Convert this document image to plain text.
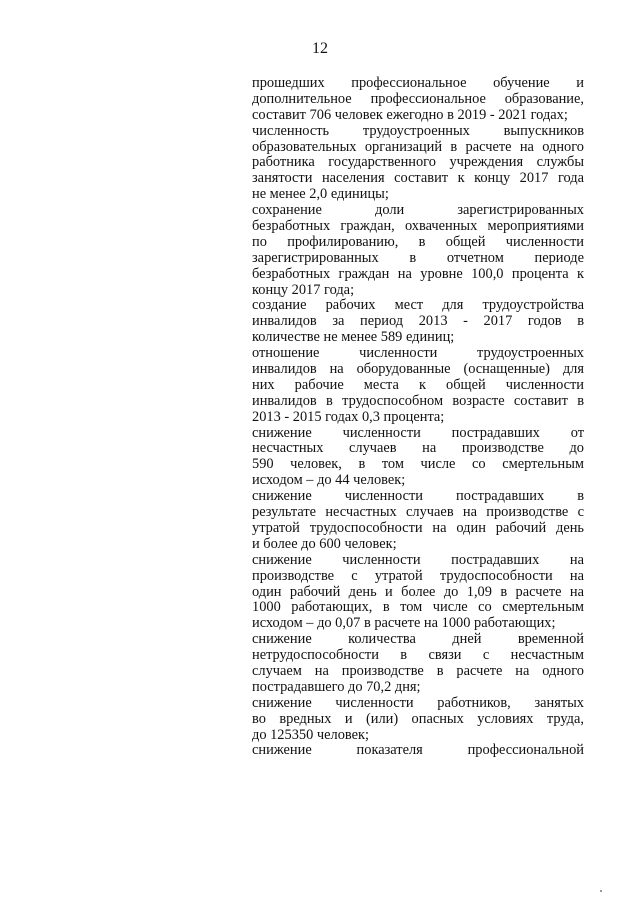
12
прошедших профессиональное обучение и
дополнительное профессиональное образование,
составит 706 человек ежегодно в 2019 - 2021 годах;
численность трудоустроенных выпускников
образовательных организаций в расчете на одного
работника государственного учреждения службы
занятости населения составит к концу 2017 года
не менее 2,0 единицы;
сохранение доли зарегистрированных
безработных граждан, охваченных мероприятиями
по профилированию, в общей численности
зарегистрированных в отчетном периоде
безработных граждан на уровне 100,0 процента к
концу 2017 года;
создание рабочих мест для трудоустройства
инвалидов за период 2013 - 2017 годов в
количестве не менее 589 единиц;
отношение численности трудоустроенных
инвалидов на оборудованные (оснащенные) для
них рабочие места к общей численности
инвалидов в трудоспособном возрасте составит в
2013 - 2015 годах 0,3 процента;
снижение численности пострадавших от
несчастных случаев на производстве до
590 человек, в том числе со смертельным
исходом – до 44 человек;
снижение численности пострадавших в
результате несчастных случаев на производстве с
утратой трудоспособности на один рабочий день
и более до 600 человек;
снижение численности пострадавших на
производстве с утратой трудоспособности на
один рабочий день и более до 1,09 в расчете на
1000 работающих, в том числе со смертельным
исходом – до 0,07 в расчете на 1000 работающих;
снижение количества дней временной
нетрудоспособности в связи с несчастным
случаем на производстве в расчете на одного
пострадавшего до 70,2 дня;
снижение численности работников, занятых
во вредных и (или) опасных условиях труда,
до 125350 человек;
снижение показателя профессиональной
